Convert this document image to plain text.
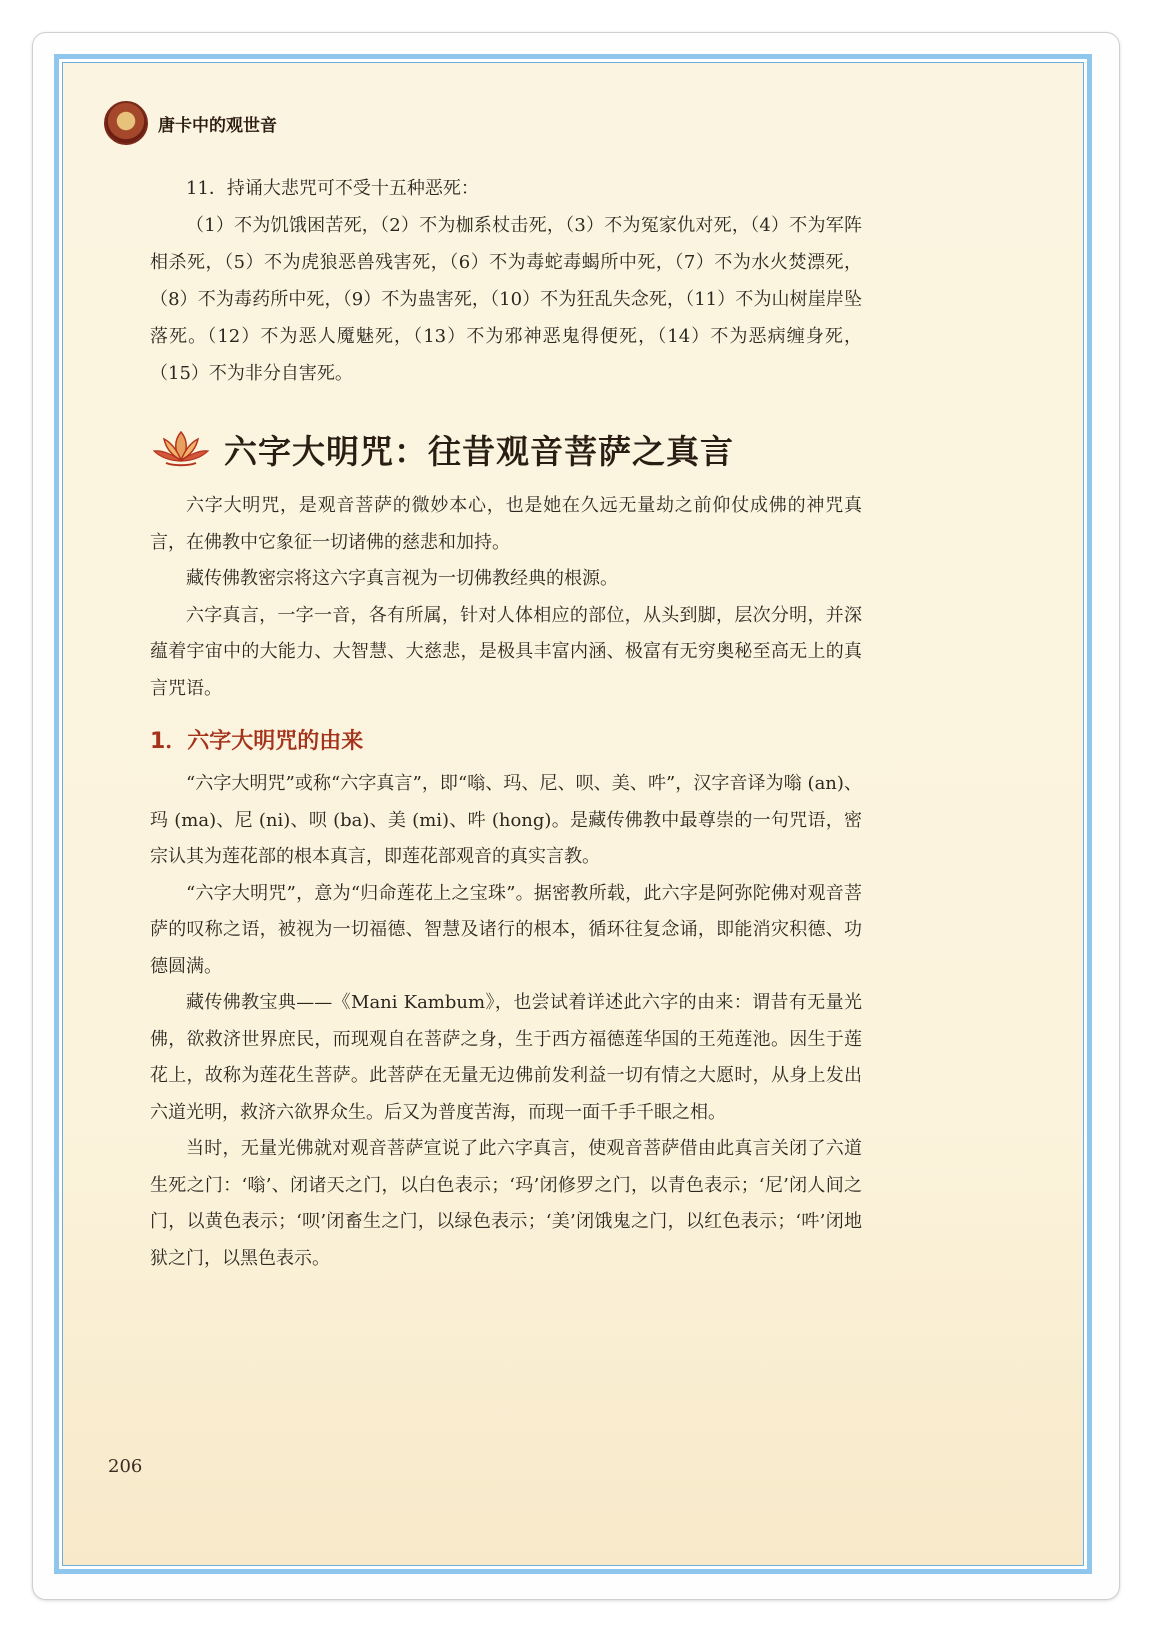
唐卡中的观世音

11．持诵大悲咒可不受十五种恶死：

（1）不为饥饿困苦死，（2）不为枷系杖击死，（3）不为冤家仇对死，（4）不为军阵相杀死，（5）不为虎狼恶兽残害死，（6）不为毒蛇毒蝎所中死，（7）不为水火焚漂死，（8）不为毒药所中死，（9）不为蛊害死，（10）不为狂乱失念死，（11）不为山树崖岸坠落死。（12）不为恶人魇魅死，（13）不为邪神恶鬼得便死，（14）不为恶病缠身死，（15）不为非分自害死。

六字大明咒：往昔观音菩萨之真言

六字大明咒，是观音菩萨的微妙本心，也是她在久远无量劫之前仰仗成佛的神咒真言，在佛教中它象征一切诸佛的慈悲和加持。

藏传佛教密宗将这六字真言视为一切佛教经典的根源。

六字真言，一字一音，各有所属，针对人体相应的部位，从头到脚，层次分明，并深蕴着宇宙中的大能力、大智慧、大慈悲，是极具丰富内涵、极富有无穷奥秘至高无上的真言咒语。

1．六字大明咒的由来

“六字大明咒”或称“六字真言”，即“嗡、玛、尼、呗、美、吽”，汉字音译为嗡 (an)、玛 (ma)、尼 (ni)、呗 (ba)、美 (mi)、吽 (hong)。是藏传佛教中最尊崇的一句咒语，密宗认其为莲花部的根本真言，即莲花部观音的真实言教。

“六字大明咒”，意为“归命莲花上之宝珠”。据密教所载，此六字是阿弥陀佛对观音菩萨的叹称之语，被视为一切福德、智慧及诸行的根本，循环往复念诵，即能消灾积德、功德圆满。

藏传佛教宝典——《Mani Kambum》，也尝试着详述此六字的由来：谓昔有无量光佛，欲救济世界庶民，而现观自在菩萨之身，生于西方福德莲华国的王苑莲池。因生于莲花上，故称为莲花生菩萨。此菩萨在无量无边佛前发利益一切有情之大愿时，从身上发出六道光明，救济六欲界众生。后又为普度苦海，而现一面千手千眼之相。

当时，无量光佛就对观音菩萨宣说了此六字真言，使观音菩萨借由此真言关闭了六道生死之门：‘嗡’、闭诸天之门，以白色表示；‘玛’闭修罗之门，以青色表示；‘尼’闭人间之门，以黄色表示；‘呗’闭畜生之门，以绿色表示；‘美’闭饿鬼之门，以红色表示；‘吽’闭地狱之门，以黑色表示。

206
